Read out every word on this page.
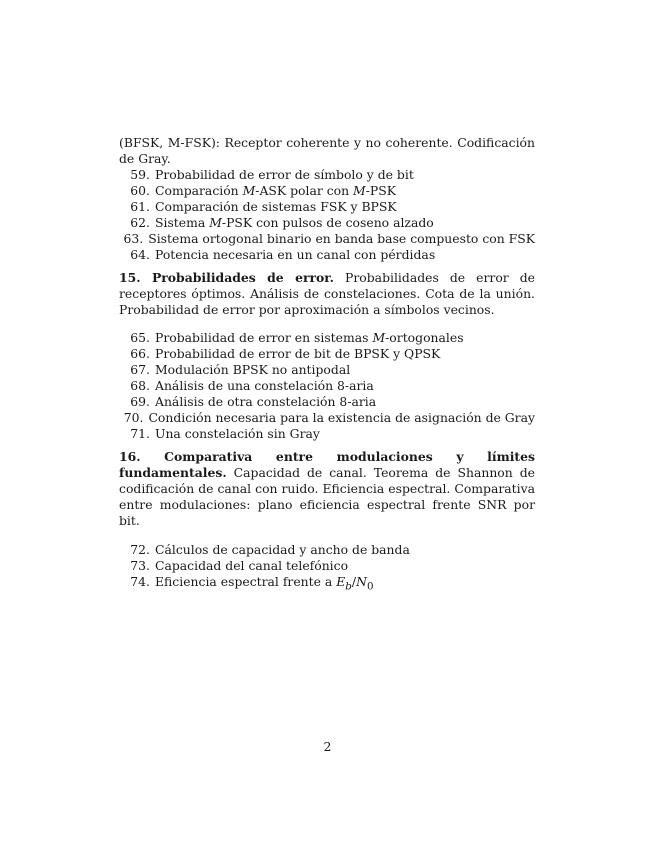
(BFSK, M-FSK): Receptor coherente y no coherente. Codificación de Gray.

59. Probabilidad de error de símbolo y de bit
60. Comparación M-ASK polar con M-PSK
61. Comparación de sistemas FSK y BPSK
62. Sistema M-PSK con pulsos de coseno alzado
63. Sistema ortogonal binario en banda base compuesto con FSK
64. Potencia necesaria en un canal con pérdidas

15. Probabilidades de error. Probabilidades de error de receptores óptimos. Análisis de constelaciones. Cota de la unión. Probabilidad de error por aproximación a símbolos vecinos.

65. Probabilidad de error en sistemas M-ortogonales
66. Probabilidad de error de bit de BPSK y QPSK
67. Modulación BPSK no antipodal
68. Análisis de una constelación 8-aria
69. Análisis de otra constelación 8-aria
70. Condición necesaria para la existencia de asignación de Gray
71. Una constelación sin Gray

16. Comparativa entre modulaciones y límites fundamentales. Capacidad de canal. Teorema de Shannon de codificación de canal con ruido. Eficiencia espectral. Comparativa entre modulaciones: plano eficiencia espectral frente SNR por bit.

72. Cálculos de capacidad y ancho de banda
73. Capacidad del canal telefónico
74. Eficiencia espectral frente a $E_b/N_0$
2
